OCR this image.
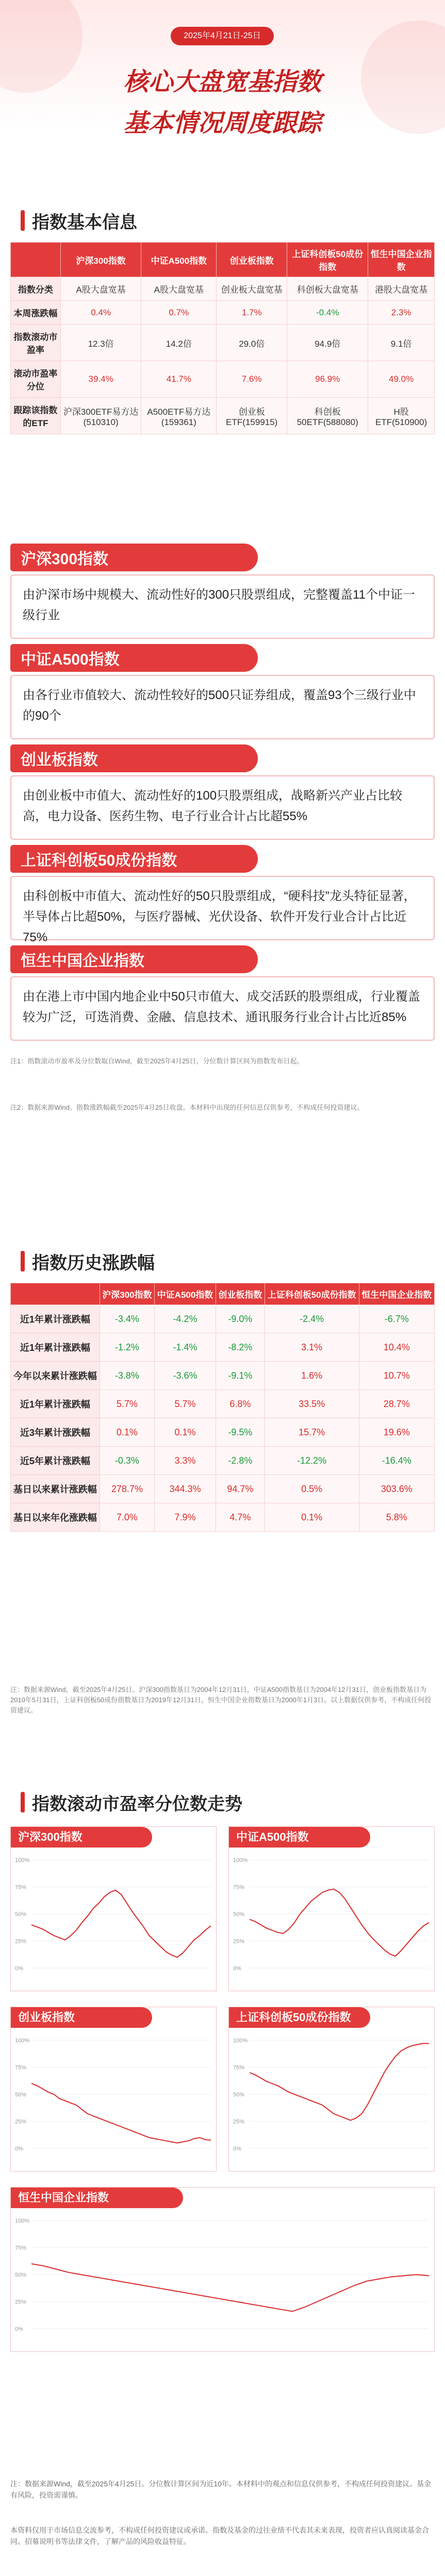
2025年4月21日-25日
核心大盘宽基指数
基本情况周度跟踪
指数基本信息
	沪深300指数	中证A500指数	创业板指数	上证科创板50成份指数	恒生中国企业指数
指数分类	A股大盘宽基	A股大盘宽基	创业板大盘宽基	科创板大盘宽基	港股大盘宽基
本周涨跌幅	0.4%	0.7%	1.7%	-0.4%	2.3%
指数滚动市盈率	12.3倍	14.2倍	29.0倍	94.9倍	9.1倍
滚动市盈率分位	39.4%	41.7%	7.6%	96.9%	49.0%
跟踪该指数的ETF	沪深300ETF易方达(510310)	A500ETF易方达(159361)	创业板ETF(159915)	科创板50ETF(588080)	H股ETF(510900)
沪深300指数
由沪深市场中规模大、流动性好的300只股票组成，完整覆盖11个中证一级行业
中证A500指数
由各行业市值较大、流动性较好的500只证券组成，覆盖93个三级行业中的90个
创业板指数
由创业板中市值大、流动性好的100只股票组成，战略新兴产业占比较高，电力设备、医药生物、电子行业合计占比超55%
上证科创板50成份指数
由科创板中市值大、流动性好的50只股票组成，“硬科技”龙头特征显著，半导体占比超50%，与医疗器械、光伏设备、软件开发行业合计占比近75%
恒生中国企业指数
由在港上市中国内地企业中50只市值大、成交活跃的股票组成，行业覆盖较为广泛，可选消费、金融、信息技术、通讯服务行业合计占比近85%
注1：指数滚动市盈率及分位数取自Wind，截至2025年4月25日，分位数计算区间为指数发布日起。
注2：数据来源Wind。指数涨跌幅截至2025年4月25日收盘。本材料中出现的任何信息仅供参考，不构成任何投资建议。
指数历史涨跌幅
	沪深300指数	中证A500指数	创业板指数	上证科创板50成份指数	恒生中国企业指数
近1年累计涨跌幅	-3.4%	-4.2%	-9.0%	-2.4%	-6.7%
近1年累计涨跌幅	-1.2%	-1.4%	-8.2%	3.1%	10.4%
今年以来累计涨跌幅	-3.8%	-3.6%	-9.1%	1.6%	10.7%
近1年累计涨跌幅	5.7%	5.7%	6.8%	33.5%	28.7%
近3年累计涨跌幅	0.1%	0.1%	-9.5%	15.7%	19.6%
近5年累计涨跌幅	-0.3%	3.3%	-2.8%	-12.2%	-16.4%
基日以来累计涨跌幅	278.7%	344.3%	94.7%	0.5%	303.6%
基日以来年化涨跌幅	7.0%	7.9%	4.7%	0.1%	5.8%
注：数据来源Wind，截至2025年4月25日。沪深300指数基日为2004年12月31日，中证A500指数基日为2004年12月31日，创业板指数基日为2010年5月31日，上证科创板50成份指数基日为2019年12月31日，恒生中国企业指数基日为2000年1月3日。以上数据仅供参考，不构成任何投资建议。
指数滚动市盈率分位数走势
沪深300指数
100%
75%
50%
25%
0%
中证A500指数
100%
75%
50%
25%
0%
创业板指数
100%
75%
50%
25%
0%
上证科创板50成份指数
100%
75%
50%
25%
0%
恒生中国企业指数
100%
75%
50%
25%
0%
注：数据来源Wind，截至2025年4月25日。分位数计算区间为近10年。本材料中的观点和信息仅供参考，不构成任何投资建议。基金有风险，投资需谨慎。
本资料仅用于市场信息交流参考，不构成任何投资建议或承诺。指数及基金的过往业绩不代表其未来表现，投资者应认真阅读基金合同、招募说明书等法律文件，了解产品的风险收益特征。
